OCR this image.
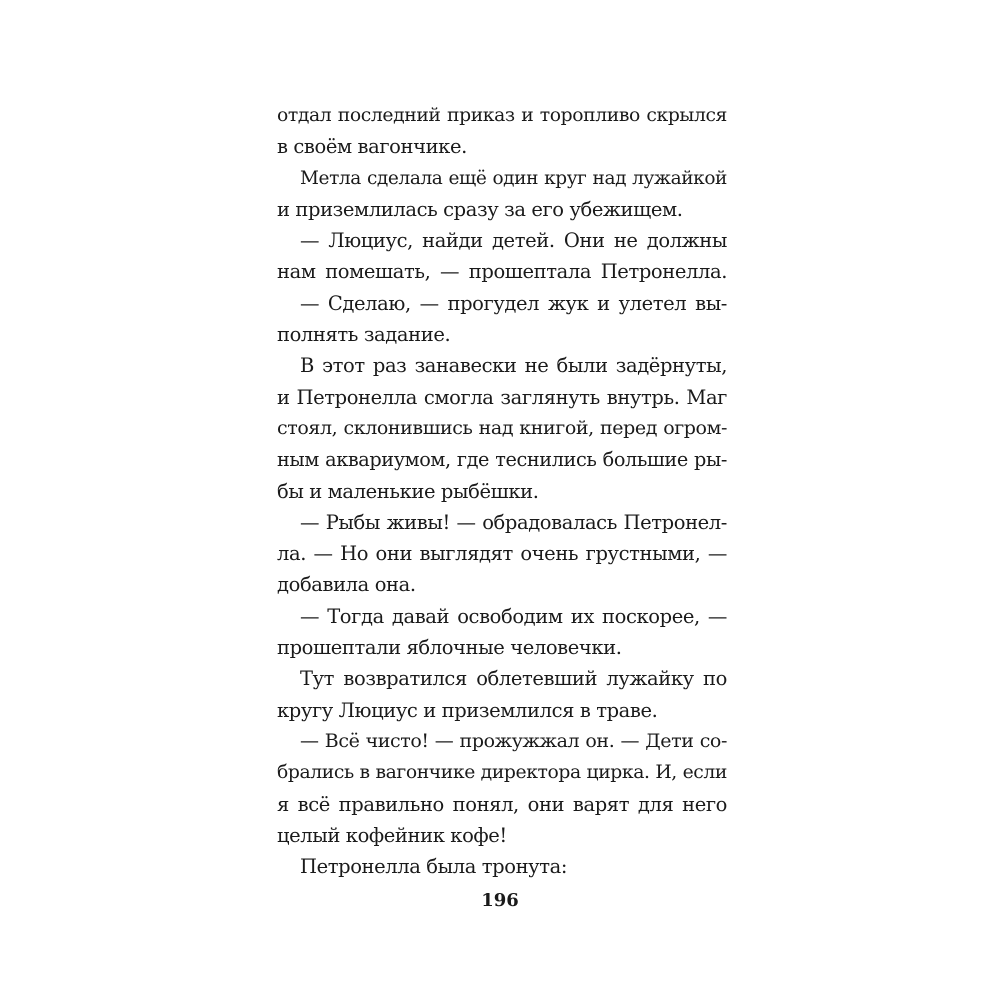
отдал последний приказ и торопливо скрылся
в своём вагончике.
Метла сделала ещё один круг над лужайкой
и приземлилась сразу за его убежищем.
— Люциус, найди детей. Они не должны
нам помешать, — прошептала Петронелла.
— Сделаю, — прогудел жук и улетел вы-
полнять задание.
В этот раз занавески не были задёрнуты,
и Петронелла смогла заглянуть внутрь. Маг
стоял, склонившись над книгой, перед огром-
ным аквариумом, где теснились большие ры-
бы и маленькие рыбёшки.
— Рыбы живы! — обрадовалась Петронел-
ла. — Но они выглядят очень грустными, —
добавила она.
— Тогда давай освободим их поскорее, —
прошептали яблочные человечки.
Тут возвратился облетевший лужайку по
кругу Люциус и приземлился в траве.
— Всё чисто! — прожужжал он. — Дети со-
брались в вагончике директора цирка. И, если
я всё правильно понял, они варят для него
целый кофейник кофе!
Петронелла была тронута:
196
